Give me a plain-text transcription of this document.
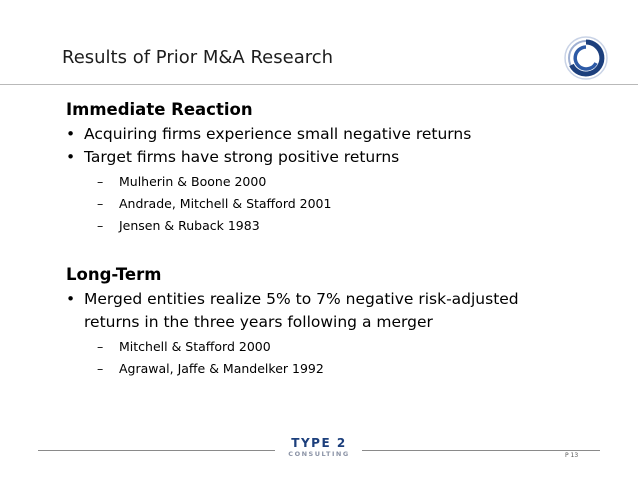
Results of Prior M&A Research
Immediate Reaction
• Acquiring firms experience small negative returns
• Target firms have strong positive returns
– Mulherin & Boone 2000
– Andrade, Mitchell & Stafford 2001
– Jensen & Ruback 1983
Long-Term
• Merged entities realize 5% to 7% negative risk-adjusted returns in the three years following a merger
– Mitchell & Stafford 2000
– Agrawal, Jaffe & Mandelker 1992
TYPE 2
CONSULTING	P 13
